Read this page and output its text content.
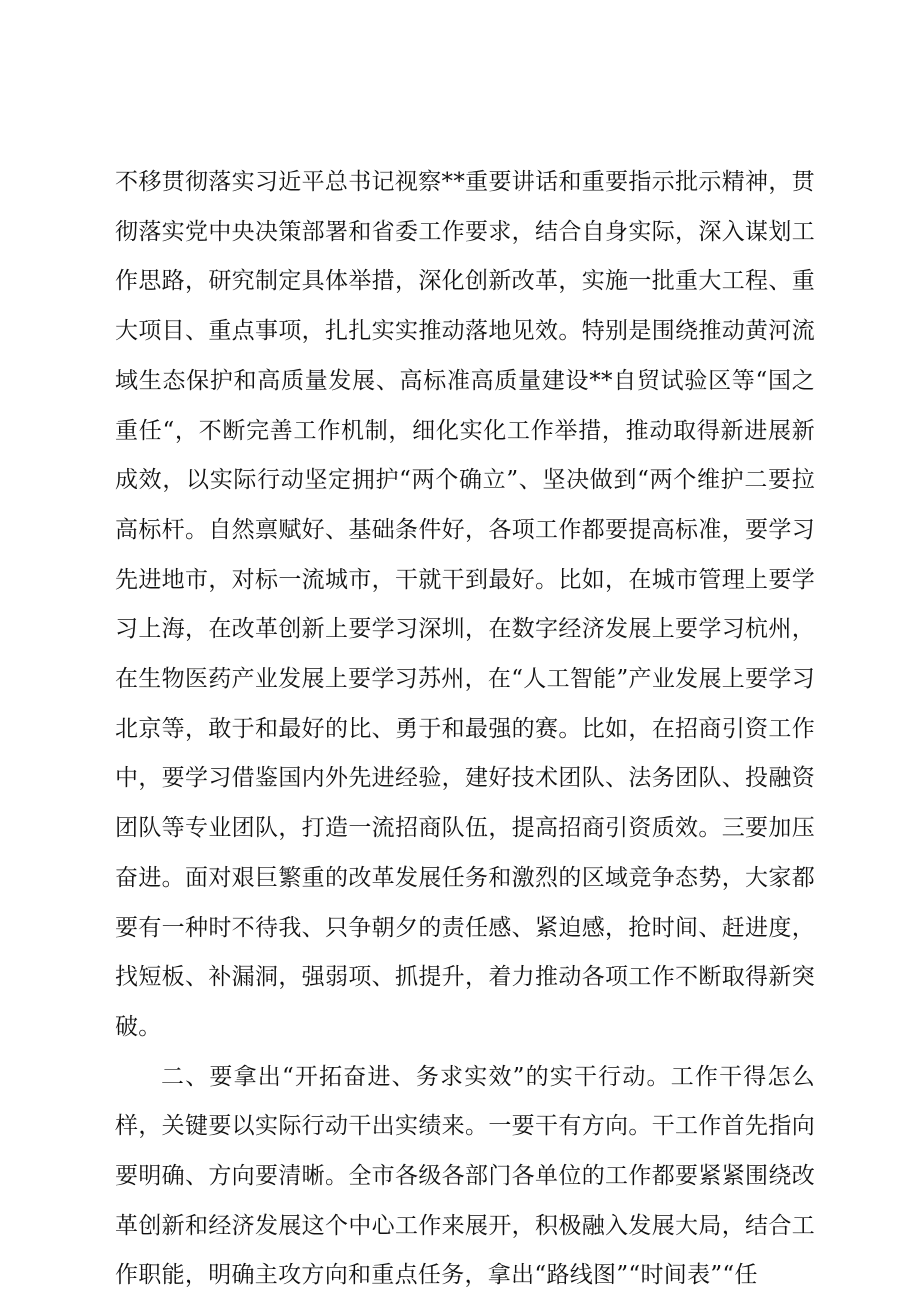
不移贯彻落实习近平总书记视察**重要讲话和重要指示批示精神，贯彻落实党中央决策部署和省委工作要求，结合自身实际，深入谋划工作思路，研究制定具体举措，深化创新改革，实施一批重大工程、重大项目、重点事项，扎扎实实推动落地见效。特别是围绕推动黄河流域生态保护和高质量发展、高标准高质量建设**自贸试验区等“国之重任“，不断完善工作机制，细化实化工作举措，推动取得新进展新成效，以实际行动坚定拥护“两个确立”、坚决做到“两个维护二要拉高标杆。自然禀赋好、基础条件好，各项工作都要提高标准，要学习先进地市，对标一流城市，干就干到最好。比如，在城市管理上要学习上海，在改革创新上要学习深圳，在数字经济发展上要学习杭州，在生物医药产业发展上要学习苏州，在“人工智能”产业发展上要学习北京等，敢于和最好的比、勇于和最强的赛。比如，在招商引资工作中，要学习借鉴国内外先进经验，建好技术团队、法务团队、投融资团队等专业团队，打造一流招商队伍，提高招商引资质效。三要加压奋进。面对艰巨繁重的改革发展任务和激烈的区域竞争态势，大家都要有一种时不待我、只争朝夕的责任感、紧迫感，抢时间、赶进度，找短板、补漏洞，强弱项、抓提升，着力推动各项工作不断取得新突破。

二、要拿出“开拓奋进、务求实效”的实干行动。工作干得怎么样，关键要以实际行动干出实绩来。一要干有方向。干工作首先指向要明确、方向要清晰。全市各级各部门各单位的工作都要紧紧围绕改革创新和经济发展这个中心工作来展开，积极融入发展大局，结合工作职能，明确主攻方向和重点任务，拿出“路线图”“时间表”“任
